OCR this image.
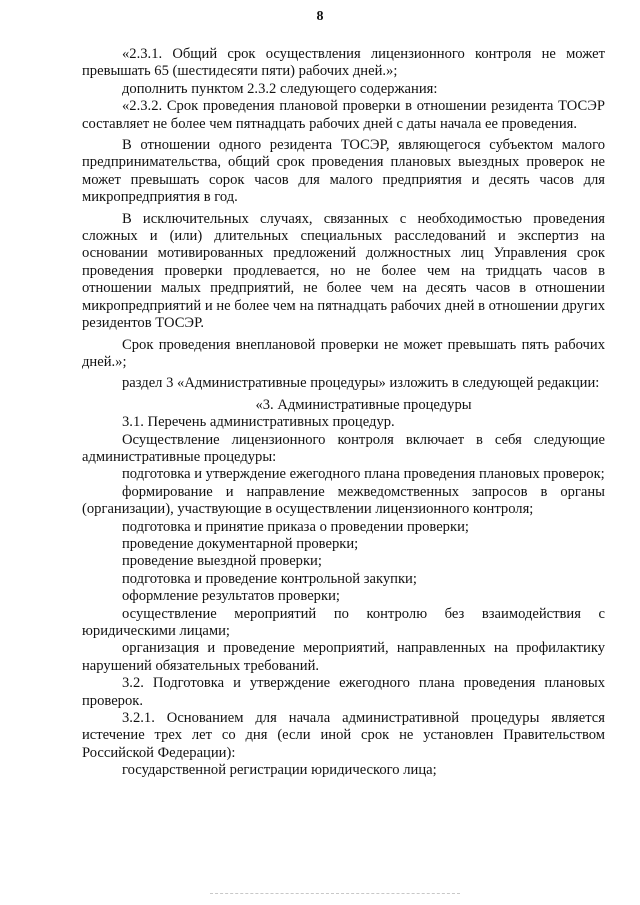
8

«2.3.1. Общий срок осуществления лицензионного контроля не может превышать 65 (шестидесяти пяти) рабочих дней.»;

дополнить пунктом 2.3.2 следующего содержания:

«2.3.2. Срок проведения плановой проверки в отношении резидента ТОСЭР составляет не более чем пятнадцать рабочих дней с даты начала ее проведения.

В отношении одного резидента ТОСЭР, являющегося субъектом малого предпринимательства, общий срок проведения плановых выездных проверок не может превышать сорок часов для малого предприятия и десять часов для микропредприятия в год.

В исключительных случаях, связанных с необходимостью проведения сложных и (или) длительных специальных расследований и экспертиз на основании мотивированных предложений должностных лиц Управления срок проведения проверки продлевается, но не более чем на тридцать часов в отношении малых предприятий, не более чем на десять часов в отношении микропредприятий и не более чем на пятнадцать рабочих дней в отношении других резидентов ТОСЭР.

Срок проведения внеплановой проверки не может превышать пять рабочих дней.»;

раздел 3 «Административные процедуры» изложить в следующей редакции:

«3. Административные процедуры

3.1. Перечень административных процедур.

Осуществление лицензионного контроля включает в себя следующие административные процедуры:

подготовка и утверждение ежегодного плана проведения плановых проверок;

формирование и направление межведомственных запросов в органы (организации), участвующие в осуществлении лицензионного контроля;

подготовка и принятие приказа о проведении проверки;

проведение документарной проверки;

проведение выездной проверки;

подготовка и проведение контрольной закупки;

оформление результатов проверки;

осуществление мероприятий по контролю без взаимодействия с юридическими лицами;

организация и проведение мероприятий, направленных на профилактику нарушений обязательных требований.

3.2. Подготовка и утверждение ежегодного плана проведения плановых проверок.

3.2.1. Основанием для начала административной процедуры является истечение трех лет со дня (если иной срок не установлен Правительством Российской Федерации):

государственной регистрации юридического лица;
